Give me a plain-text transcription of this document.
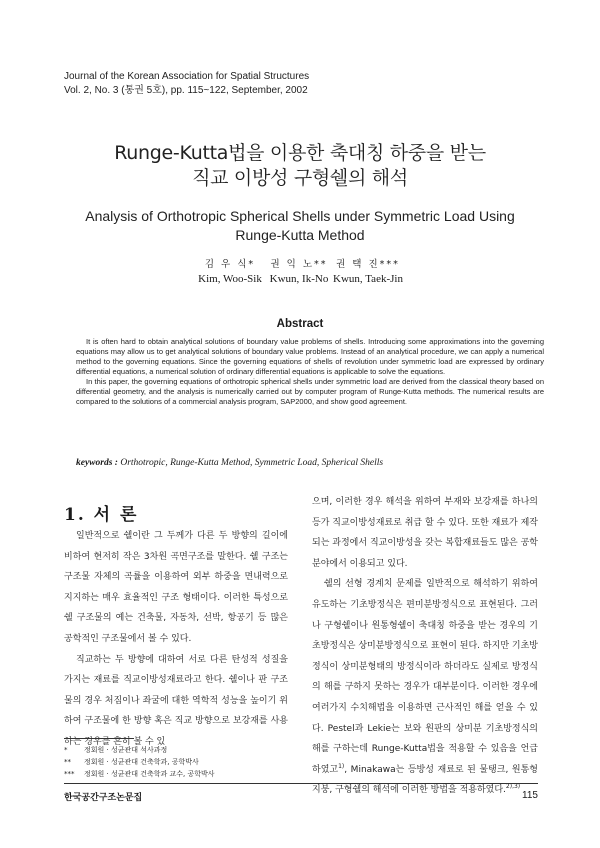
Journal of the Korean Association for Spatial Structures
Vol. 2, No. 3 (통권 5호), pp. 115~122, September, 2002
Runge-Kutta법을 이용한 축대칭 하중을 받는
직교 이방성 구형쉘의 해석
Analysis of Orthotropic Spherical Shells under Symmetric Load Using
Runge-Kutta Method
김 우 식*
Kim, Woo-Sik
권 익 노**
Kwun, Ik-No
권 택 진***
Kwun, Taek-Jin
Abstract

It is often hard to obtain analytical solutions of boundary value problems of shells. Introducing some approximations into the governing equations may allow us to get analytical solutions of boundary value problems. Instead of an analytical procedure, we can apply a numerical method to the governing equations. Since the governing equations of shells of revolution under symmetric load are expressed by ordinary differential equations, a numerical solution of ordinary differential equations is applicable to solve the equations.

In this paper, the governing equations of orthotropic spherical shells under symmetric load are derived from the classical theory based on differential geometry, and the analysis is numerically carried out by computer program of Runge-Kutta methods. The numerical results are compared to the solutions of a commercial analysis program, SAP2000, and show good agreement.

keywords : Orthotropic, Runge-Kutta Method, Symmetric Load, Spherical Shells
1. 서 론

일반적으로 쉘이란 그 두께가 다른 두 방향의 길이에 비하여 현저히 작은 3차원 곡면구조를 말한다. 쉘 구조는 구조물 자체의 곡률을 이용하여 외부 하중을 면내력으로 지지하는 매우 효율적인 구조 형태이다. 이러한 특성으로 쉘 구조물의 예는 건축물, 자동차, 선박, 항공기 등 많은 공학적인 구조물에서 볼 수 있다.

직교하는 두 방향에 대하여 서로 다른 탄성적 성질을 가지는 재료를 직교이방성재료라고 한다. 쉘이나 판 구조물의 경우 처짐이나 좌굴에 대한 역학적 성능을 높이기 위하여 구조물에 한 방향 혹은 직교 방향으로 보강재를 사용하는 경우를 흔히 볼 수 있

으며, 이러한 경우 해석을 위하여 부재와 보강재를 하나의 등가 직교이방성재료로 취급 할 수 있다. 또한 재료가 제작되는 과정에서 직교이방성을 갖는 복합재료들도 많은 공학 분야에서 이용되고 있다.

쉘의 선형 경계치 문제를 일반적으로 해석하기 위하여 유도하는 기초방정식은 편미분방정식으로 표현된다. 그러나 구형쉘이나 원통형쉘이 축대칭 하중을 받는 경우의 기초방정식은 상미분방정식으로 표현이 된다. 하지만 기초방정식이 상미분형태의 방정식이라 하더라도 실제로 방정식의 해를 구하지 못하는 경우가 대부분이다. 이러한 경우에 여러가지 수치해법을 이용하면 근사적인 해를 얻을 수 있다. Pestel과 Lekie는 보와 원판의 상미분 기초방정식의 해를 구하는데 Runge-Kutta법을 적용할 수 있음을 언급하였고$^{1)}$, Minakawa는 등방성 재료로 된 물탱크, 원통형 지붕, 구형쉘의 해석에 이러한 방법을 적용하였다.$^{2),3)}$

* 정회원 · 성균관대 석사과정
** 정회원 · 성균관대 건축학과, 공학박사
*** 정회원 · 성균관대 건축학과 교수, 공학박사
한국공간구조논문집	115
